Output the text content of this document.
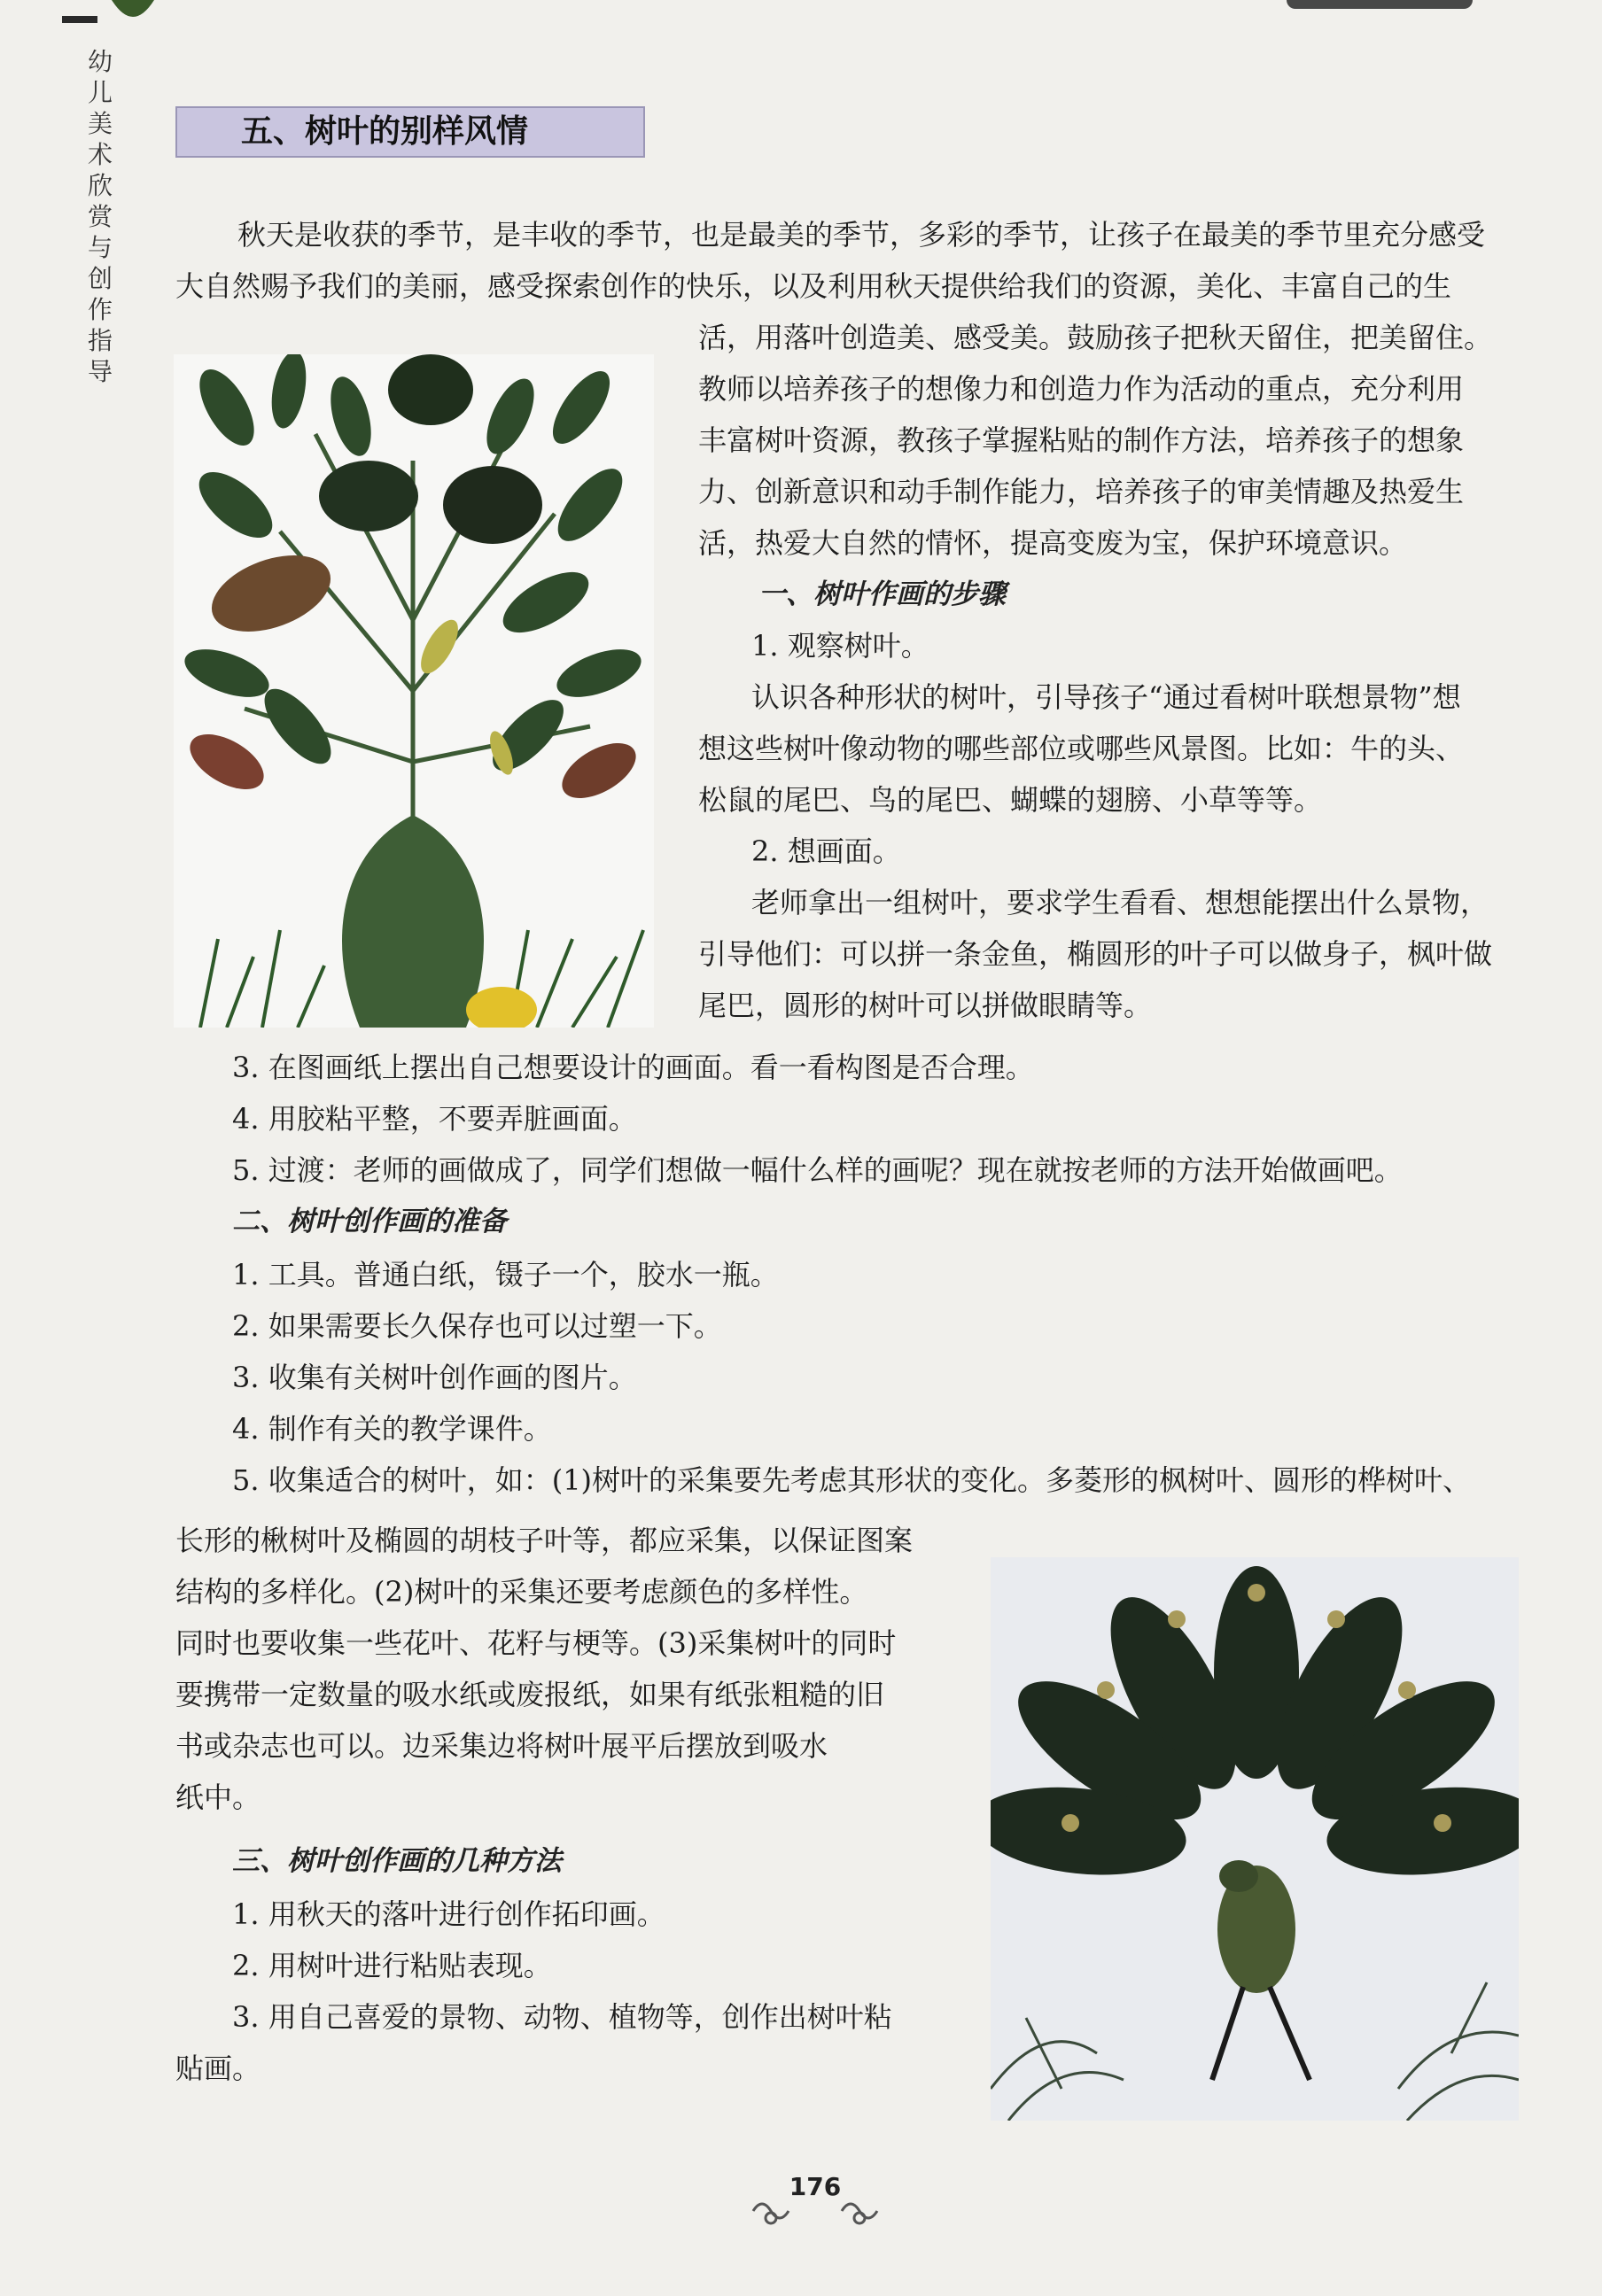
幼
儿
美
术
欣
赏
与
创
作
指
导
五、树叶的别样风情
秋天是收获的季节，是丰收的季节，也是最美的季节，多彩的季节，让孩子在最美的季节里充分感受
大自然赐予我们的美丽，感受探索创作的快乐，以及利用秋天提供给我们的资源，美化、丰富自己的生
活，用落叶创造美、感受美。鼓励孩子把秋天留住，把美留住。
教师以培养孩子的想像力和创造力作为活动的重点，充分利用
丰富树叶资源，教孩子掌握粘贴的制作方法，培养孩子的想象
力、创新意识和动手制作能力，培养孩子的审美情趣及热爱生
活，热爱大自然的情怀，提高变废为宝，保护环境意识。
一、树叶作画的步骤
1. 观察树叶。
认识各种形状的树叶，引导孩子“通过看树叶联想景物”想
想这些树叶像动物的哪些部位或哪些风景图。比如：牛的头、
松鼠的尾巴、鸟的尾巴、蝴蝶的翅膀、小草等等。
2. 想画面。
老师拿出一组树叶，要求学生看看、想想能摆出什么景物，
引导他们：可以拼一条金鱼，椭圆形的叶子可以做身子，枫叶做
尾巴，圆形的树叶可以拼做眼睛等。
3. 在图画纸上摆出自己想要设计的画面。看一看构图是否合理。
4. 用胶粘平整，不要弄脏画面。
5. 过渡：老师的画做成了，同学们想做一幅什么样的画呢？现在就按老师的方法开始做画吧。
二、树叶创作画的准备
1. 工具。普通白纸，镊子一个，胶水一瓶。
2. 如果需要长久保存也可以过塑一下。
3. 收集有关树叶创作画的图片。
4. 制作有关的教学课件。
5. 收集适合的树叶，如：(1)树叶的采集要先考虑其形状的变化。多菱形的枫树叶、圆形的桦树叶、
长形的楸树叶及椭圆的胡枝子叶等，都应采集，以保证图案
结构的多样化。(2)树叶的采集还要考虑颜色的多样性。
同时也要收集一些花叶、花籽与梗等。(3)采集树叶的同时
要携带一定数量的吸水纸或废报纸，如果有纸张粗糙的旧
书或杂志也可以。边采集边将树叶展平后摆放到吸水
纸中。
三、树叶创作画的几种方法
1. 用秋天的落叶进行创作拓印画。
2. 用树叶进行粘贴表现。
3. 用自己喜爱的景物、动物、植物等，创作出树叶粘
贴画。
176
